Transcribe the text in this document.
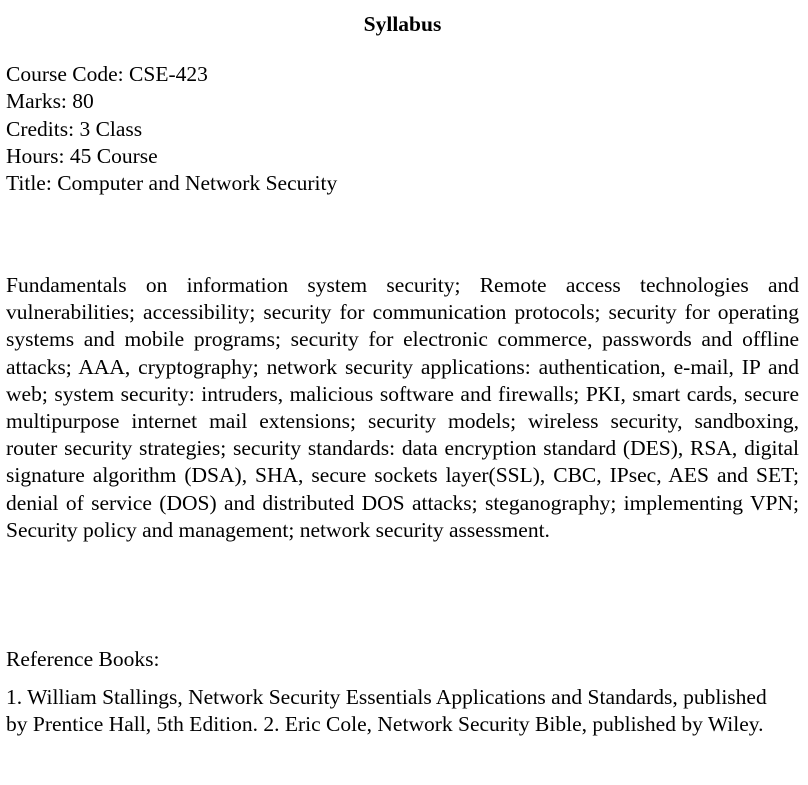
Syllabus
Course Code: CSE-423
Marks: 80
Credits: 3 Class
Hours: 45 Course
Title: Computer and Network Security
Fundamentals on information system security; Remote access technologies and vulnerabilities; accessibility; security for communication protocols; security for operating systems and mobile programs; security for electronic commerce, passwords and offline attacks; AAA, cryptography; network security applications: authentication, e-mail, IP and web; system security: intruders, malicious software and firewalls; PKI, smart cards, secure multipurpose internet mail extensions; security models; wireless security, sandboxing, router security strategies; security standards: data encryption standard (DES), RSA, digital signature algorithm (DSA), SHA, secure sockets layer(SSL), CBC, IPsec, AES and SET; denial of service (DOS) and distributed DOS attacks; steganography; implementing VPN; Security policy and management; network security assessment.
Reference Books:
1. William Stallings, Network Security Essentials Applications and Standards, published by Prentice Hall, 5th Edition. 2. Eric Cole, Network Security Bible, published by Wiley.
